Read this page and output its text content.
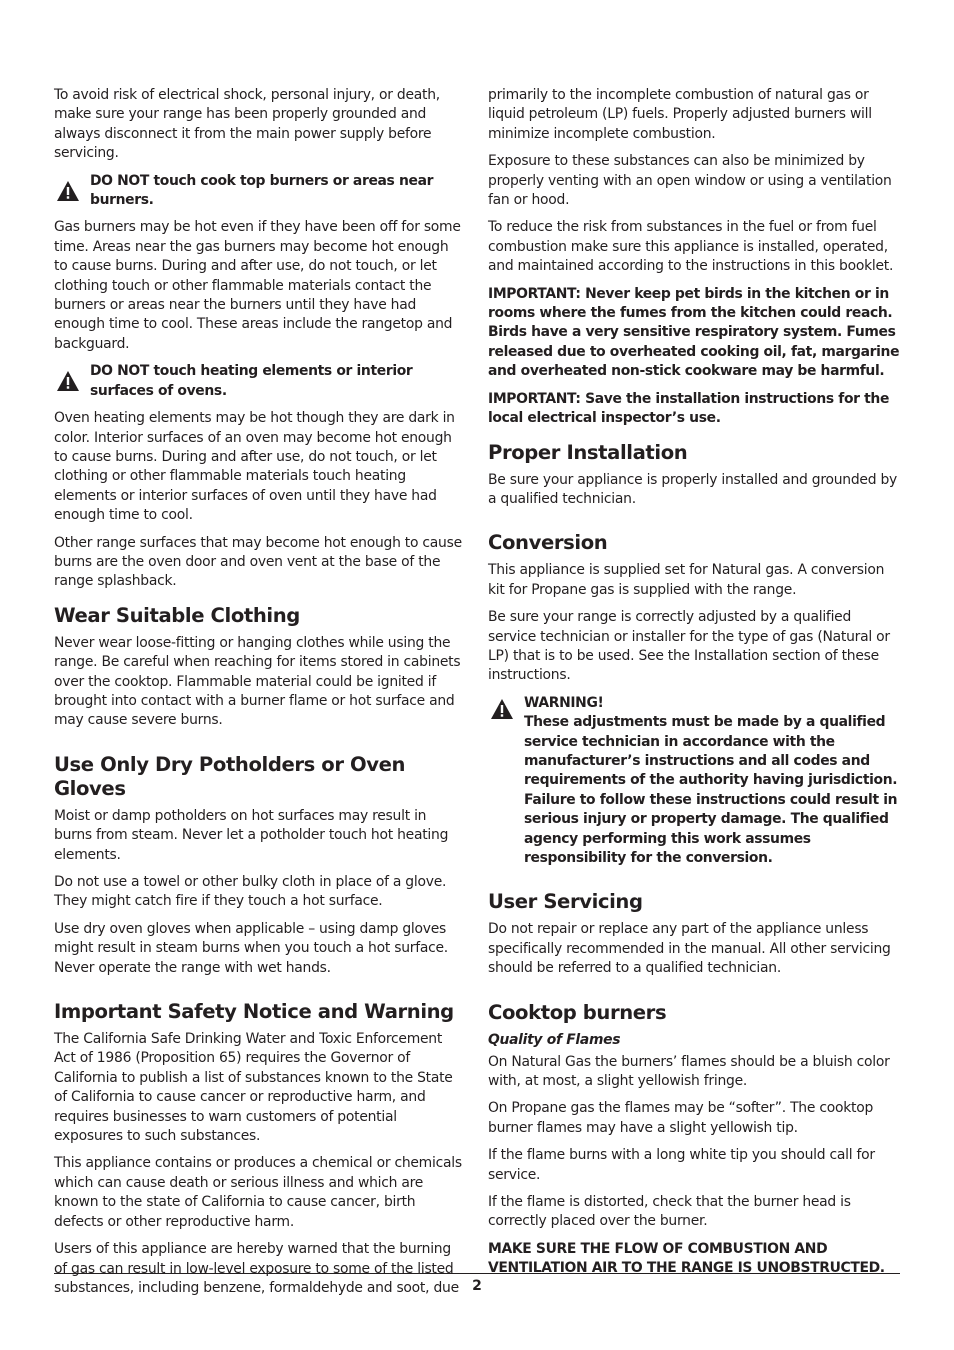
To avoid risk of electrical shock, personal injury, or death, make sure your range has been properly grounded and always disconnect it from the main power supply before servicing.

DO NOT touch cook top burners or areas near burners.

Gas burners may be hot even if they have been off for some time. Areas near the gas burners may become hot enough to cause burns. During and after use, do not touch, or let clothing touch or other flammable materials contact the burners or areas near the burners until they have had enough time to cool. These areas include the rangetop and backguard.

DO NOT touch heating elements or interior surfaces of ovens.

Oven heating elements may be hot though they are dark in color. Interior surfaces of an oven may become hot enough to cause burns. During and after use, do not touch, or let clothing or other flammable materials touch heating elements or interior surfaces of oven until they have had enough time to cool.

Other range surfaces that may become hot enough to cause burns are the oven door and oven vent at the base of the range splashback.

Wear Suitable Clothing

Never wear loose-fitting or hanging clothes while using the range. Be careful when reaching for items stored in cabinets over the cooktop. Flammable material could be ignited if brought into contact with a burner flame or hot surface and may cause severe burns.

Use Only Dry Potholders or Oven Gloves

Moist or damp potholders on hot surfaces may result in burns from steam. Never let a potholder touch hot heating elements.

Do not use a towel or other bulky cloth in place of a glove. They might catch fire if they touch a hot surface.

Use dry oven gloves when applicable – using damp gloves might result in steam burns when you touch a hot surface. Never operate the range with wet hands.

Important Safety Notice and Warning

The California Safe Drinking Water and Toxic Enforcement Act of 1986 (Proposition 65) requires the Governor of California to publish a list of substances known to the State of California to cause cancer or reproductive harm, and requires businesses to warn customers of potential exposures to such substances.

This appliance contains or produces a chemical or chemicals which can cause death or serious illness and which are known to the state of California to cause cancer, birth defects or other reproductive harm.

Users of this appliance are hereby warned that the burning of gas can result in low-level exposure to some of the listed substances, including benzene, formaldehyde and soot, due

primarily to the incomplete combustion of natural gas or liquid petroleum (LP) fuels. Properly adjusted burners will minimize incomplete combustion.

Exposure to these substances can also be minimized by properly venting with an open window or using a ventilation fan or hood.

To reduce the risk from substances in the fuel or from fuel combustion make sure this appliance is installed, operated, and maintained according to the instructions in this booklet.

IMPORTANT: Never keep pet birds in the kitchen or in rooms where the fumes from the kitchen could reach. Birds have a very sensitive respiratory system. Fumes released due to overheated cooking oil, fat, margarine and overheated non-stick cookware may be harmful.

IMPORTANT: Save the installation instructions for the local electrical inspector’s use.

Proper Installation

Be sure your appliance is properly installed and grounded by a qualified technician.

Conversion

This appliance is supplied set for Natural gas. A conversion kit for Propane gas is supplied with the range.

Be sure your range is correctly adjusted by a qualified service technician or installer for the type of gas (Natural or LP) that is to be used. See the Installation section of these instructions.

WARNING!

These adjustments must be made by a qualified service technician in accordance with the manufacturer’s instructions and all codes and requirements of the authority having jurisdiction. Failure to follow these instructions could result in serious injury or property damage. The qualified agency performing this work assumes responsibility for the conversion.

User Servicing

Do not repair or replace any part of the appliance unless specifically recommended in the manual. All other servicing should be referred to a qualified technician.

Cooktop burners
Quality of Flames

On Natural Gas the burners’ flames should be a bluish color with, at most, a slight yellowish fringe.

On Propane gas the flames may be “softer”. The cooktop burner flames may have a slight yellowish tip.

If the flame burns with a long white tip you should call for service.

If the flame is distorted, check that the burner head is correctly placed over the burner.

MAKE SURE THE FLOW OF COMBUSTION AND VENTILATION AIR TO THE RANGE IS UNOBSTRUCTED.

2
